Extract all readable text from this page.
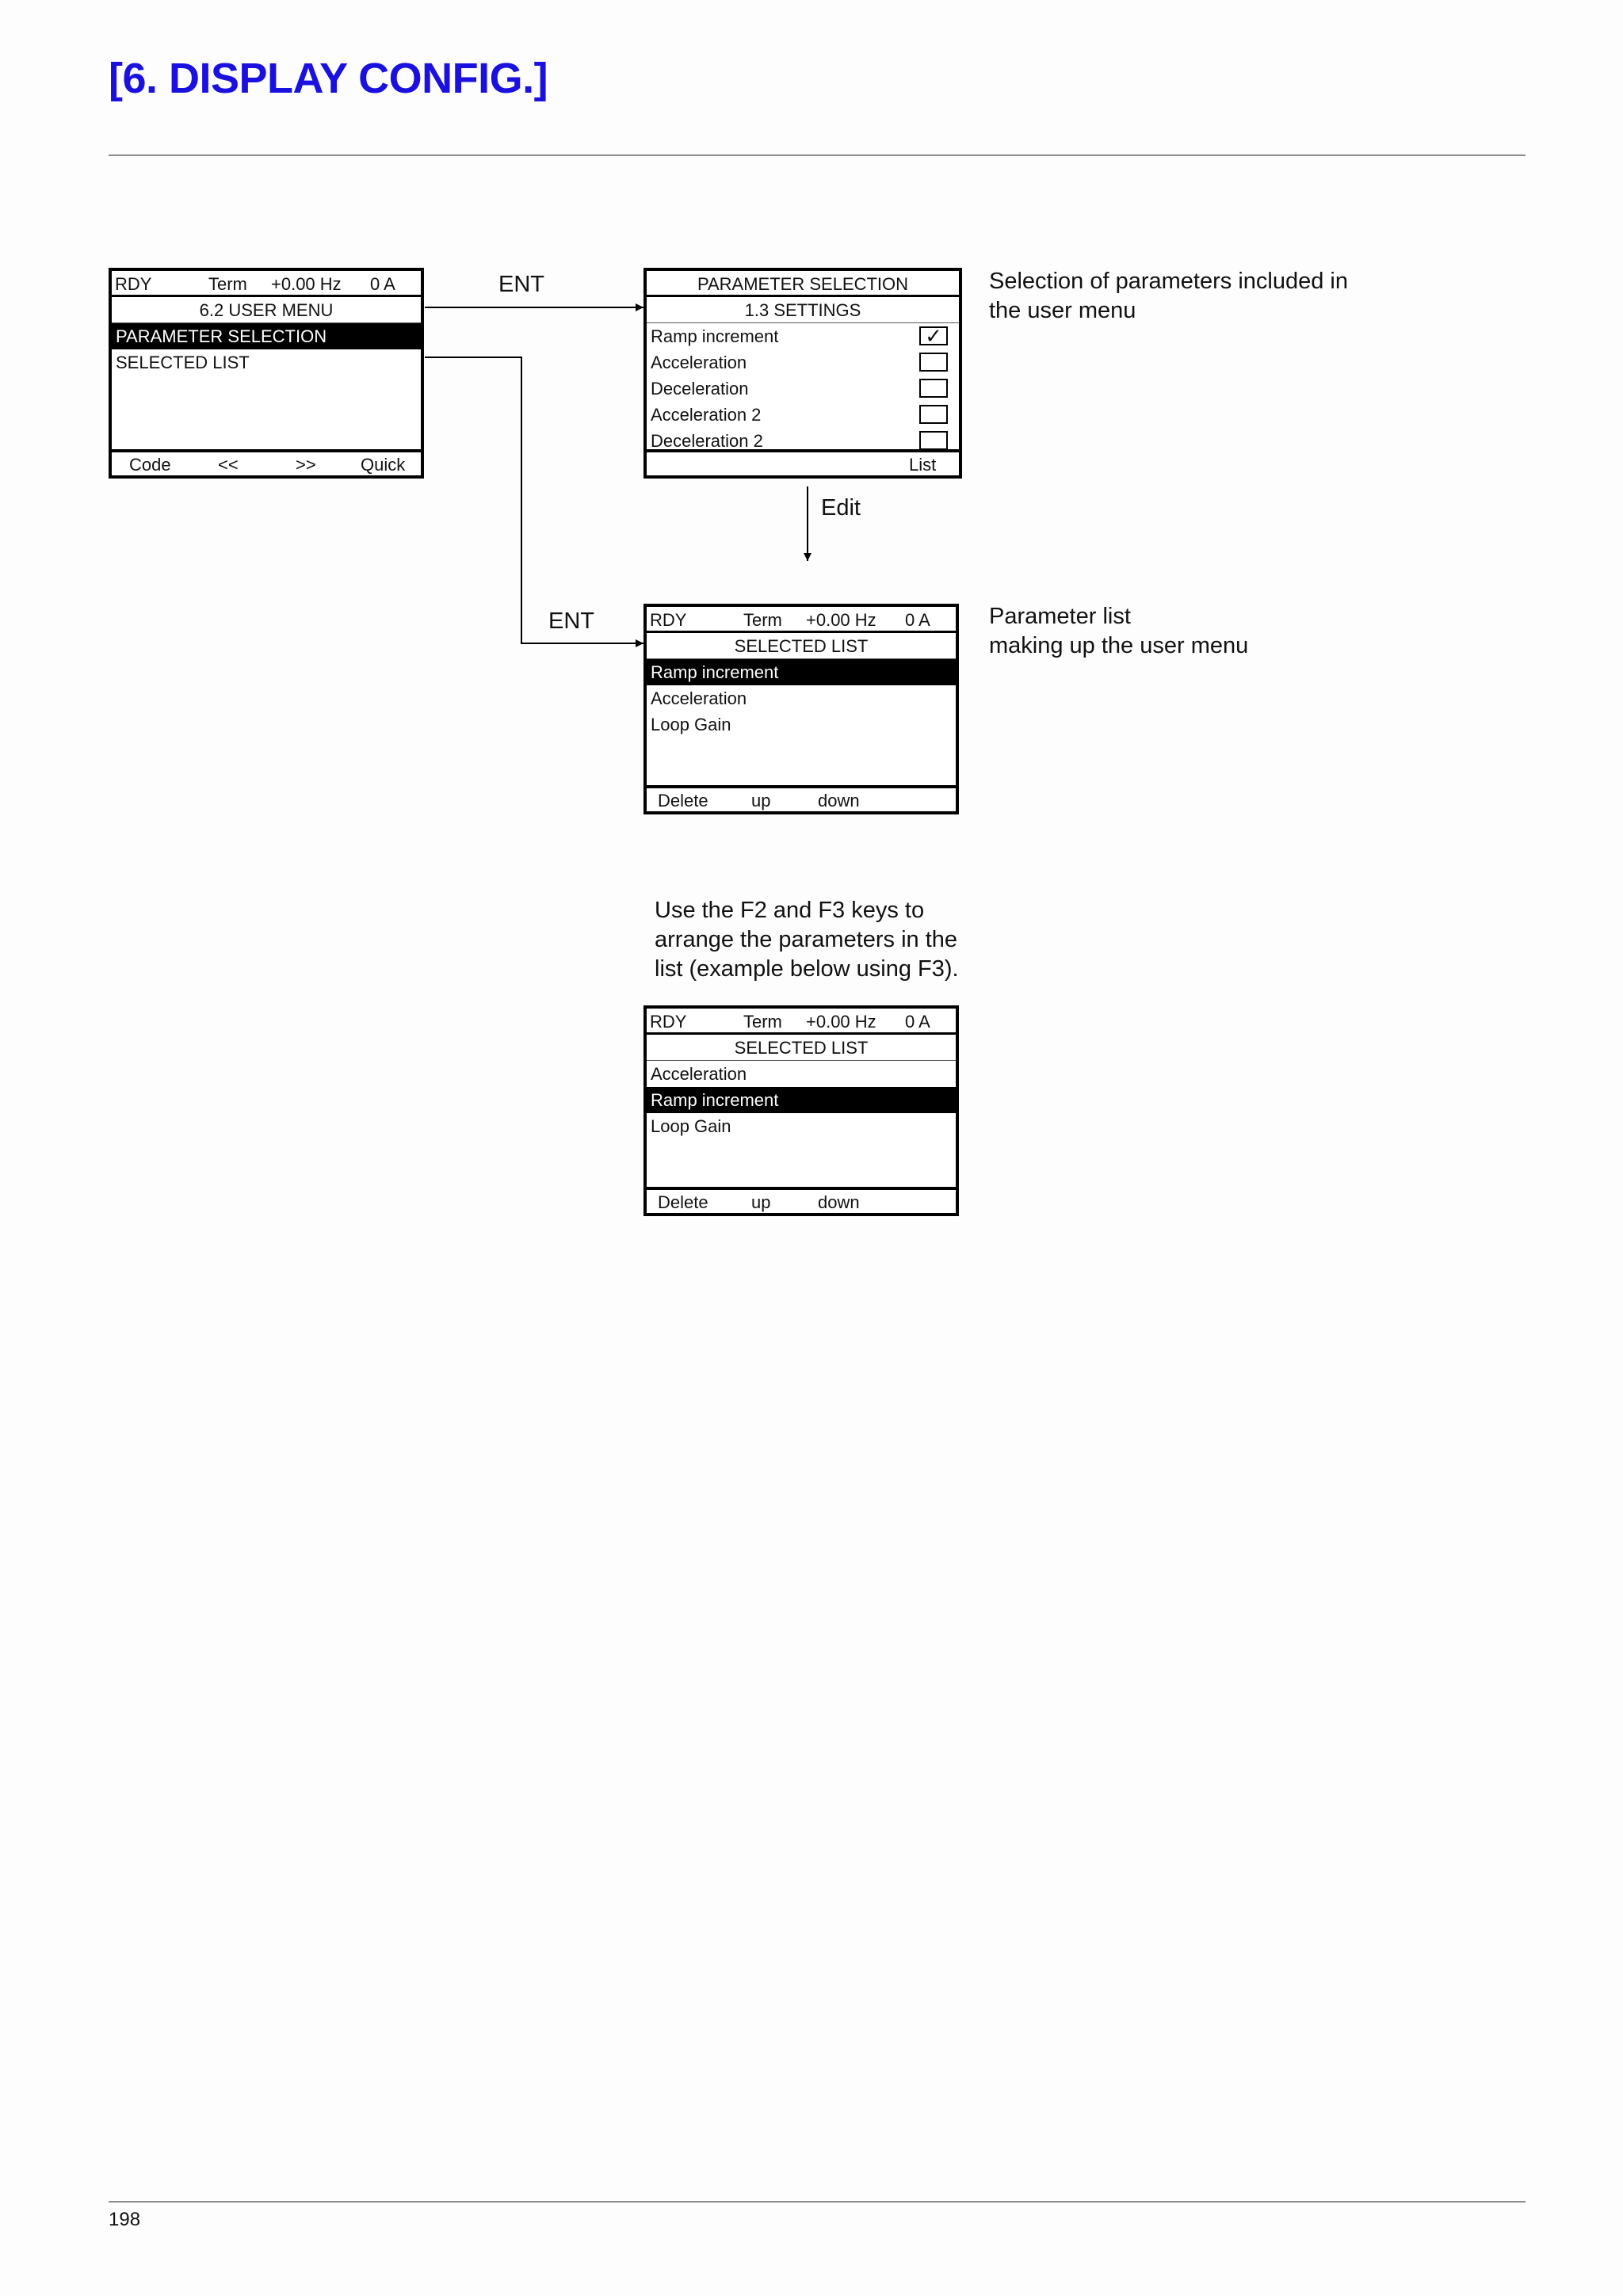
[6. DISPLAY CONFIG.]
RDY	Term +0.00 Hz 0 A
6.2 USER MENU
PARAMETER SELECTION
SELECTED LIST
Code	<<	>>	Quick
ENT
ENT
Edit
PARAMETER SELECTION
1.3 SETTINGS
Ramp increment	✓
Acceleration
Deceleration
Acceleration 2
Deceleration 2
List
Selection of parameters included in
the user menu
RDY	Term +0.00 Hz 0 A
SELECTED LIST
Ramp increment
Acceleration
Loop Gain
Delete up	down
Parameter list
making up the user menu
Use the F2 and F3 keys to
arrange the parameters in the
list (example below using F3).
RDY	Term +0.00 Hz 0 A
SELECTED LIST
Acceleration
Ramp increment
Loop Gain
Delete up	down
198
